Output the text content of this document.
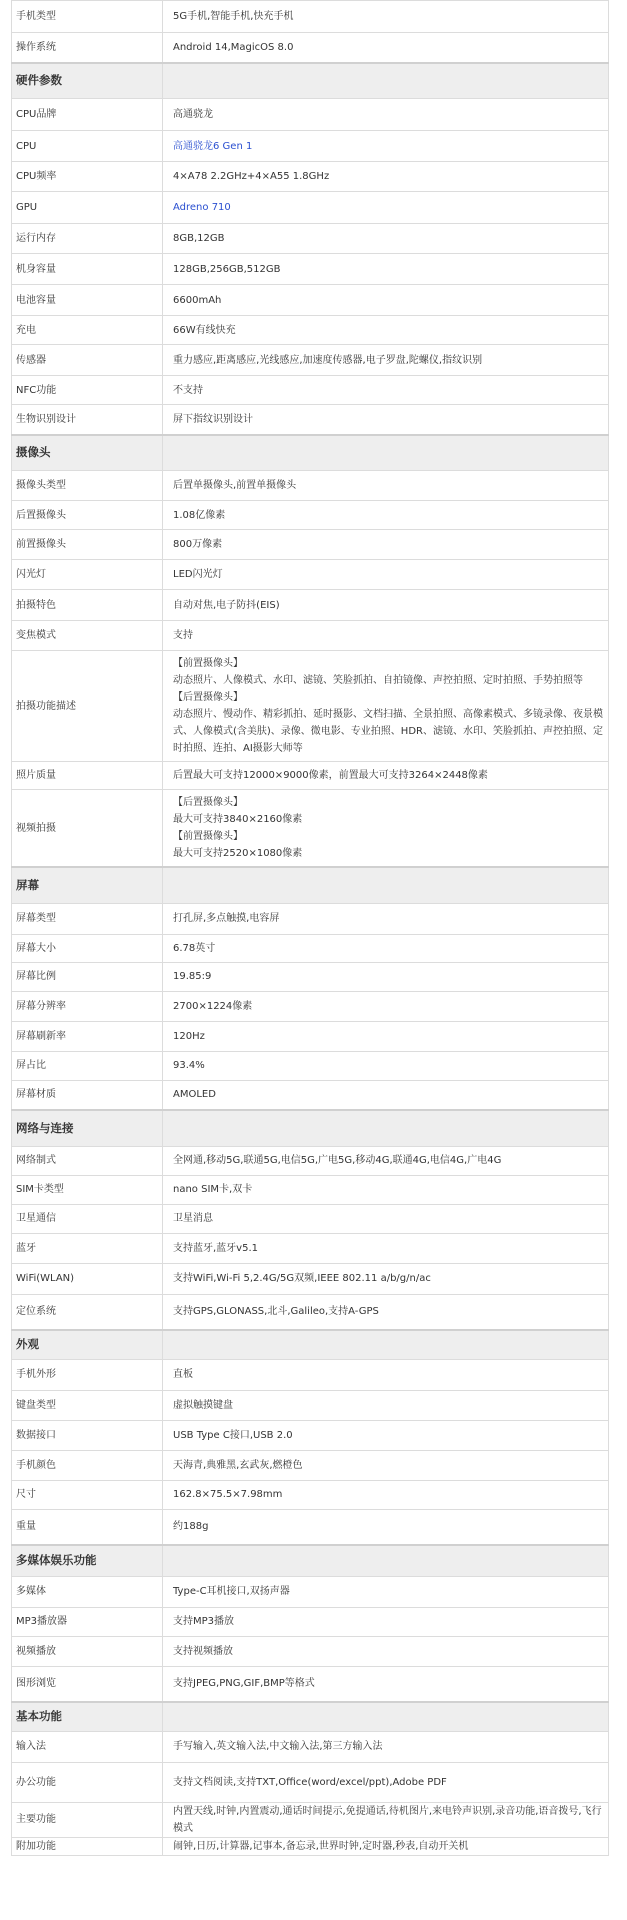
手机类型	5G手机,智能手机,快充手机
操作系统	Android 14,MagicOS 8.0
硬件参数	
CPU品牌	高通骁龙
CPU	高通骁龙6 Gen 1
CPU频率	4×A78 2.2GHz+4×A55 1.8GHz
GPU	Adreno 710
运行内存	8GB,12GB
机身容量	128GB,256GB,512GB
电池容量	6600mAh
充电	66W有线快充
传感器	重力感应,距离感应,光线感应,加速度传感器,电子罗盘,陀螺仪,指纹识别
NFC功能	不支持
生物识别设计	屏下指纹识别设计
摄像头	
摄像头类型	后置单摄像头,前置单摄像头
后置摄像头	1.08亿像素
前置摄像头	800万像素
闪光灯	LED闪光灯
拍摄特色	自动对焦,电子防抖(EIS)
变焦模式	支持
拍摄功能描述	【前置摄像头】
动态照片、人像模式、水印、滤镜、笑脸抓拍、自拍镜像、声控拍照、定时拍照、手势拍照等
【后置摄像头】
动态照片、慢动作、精彩抓拍、延时摄影、文档扫描、全景拍照、高像素模式、多镜录像、夜景模式、人像模式(含美肤)、录像、微电影、专业拍照、HDR、滤镜、水印、笑脸抓拍、声控拍照、定时拍照、连拍、AI摄影大师等
照片质量	后置最大可支持12000×9000像素，前置最大可支持3264×2448像素
视频拍摄	【后置摄像头】
最大可支持3840×2160像素
【前置摄像头】
最大可支持2520×1080像素
屏幕	
屏幕类型	打孔屏,多点触摸,电容屏
屏幕大小	6.78英寸
屏幕比例	19.85:9
屏幕分辨率	2700×1224像素
屏幕刷新率	120Hz
屏占比	93.4%
屏幕材质	AMOLED
网络与连接	
网络制式	全网通,移动5G,联通5G,电信5G,广电5G,移动4G,联通4G,电信4G,广电4G
SIM卡类型	nano SIM卡,双卡
卫星通信	卫星消息
蓝牙	支持蓝牙,蓝牙v5.1
WiFi(WLAN)	支持WiFi,Wi-Fi 5,2.4G/5G双频,IEEE 802.11 a/b/g/n/ac
定位系统	支持GPS,GLONASS,北斗,Galileo,支持A-GPS
外观	
手机外形	直板
键盘类型	虚拟触摸键盘
数据接口	USB Type C接口,USB 2.0
手机颜色	天海青,典雅黑,玄武灰,燃橙色
尺寸	162.8×75.5×7.98mm
重量	约188g
多媒体娱乐功能	
多媒体	Type-C耳机接口,双扬声器
MP3播放器	支持MP3播放
视频播放	支持视频播放
图形浏览	支持JPEG,PNG,GIF,BMP等格式
基本功能	
输入法	手写输入,英文输入法,中文输入法,第三方输入法
办公功能	支持文档阅读,支持TXT,Office(word/excel/ppt),Adobe PDF
主要功能	内置天线,时钟,内置震动,通话时间提示,免提通话,待机图片,来电铃声识别,录音功能,语音拨号,飞行模式
附加功能	闹钟,日历,计算器,记事本,备忘录,世界时钟,定时器,秒表,自动开关机
